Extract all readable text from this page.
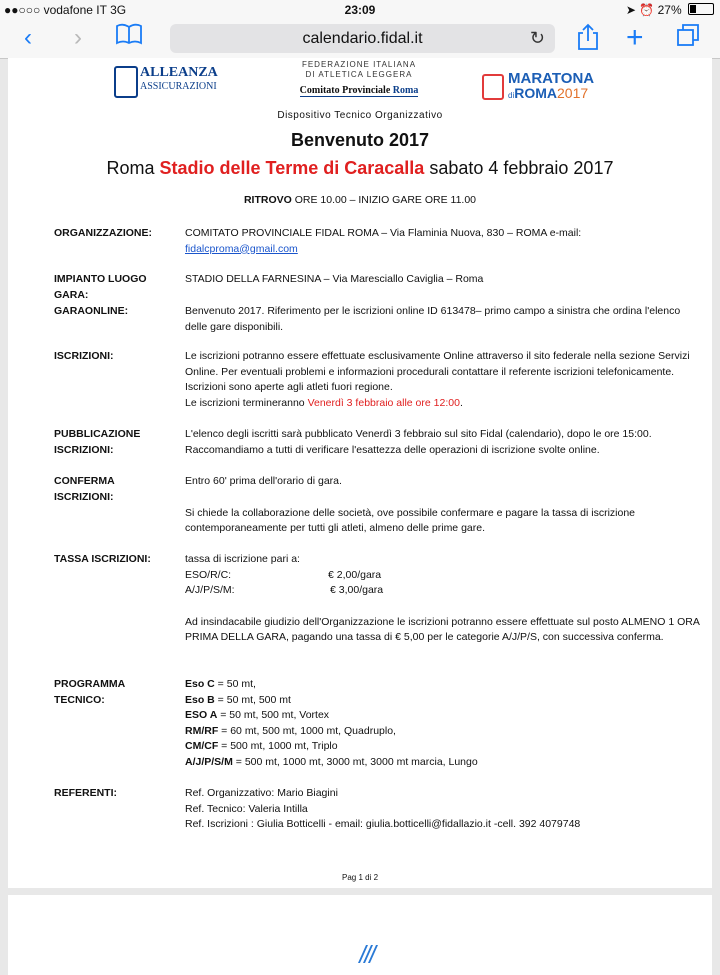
●●○○○ vodafone IT 3G	23:09	➤ ⏰ 27%
‹ ›	calendario.fidal.it	↻	+
ALLEANZA
ASSICURAZIONI
FEDERAZIONE ITALIANA
DI ATLETICA LEGGERA
Comitato Provinciale Roma
MARATONA
diROMA2017
Dispositivo Tecnico Organizzativo
Benvenuto 2017
Roma Stadio delle Terme di Caracalla sabato 4 febbraio 2017
RITROVO ORE 10.00 – INIZIO GARE ORE 11.00
ORGANIZZAZIONE:	COMITATO PROVINCIALE FIDAL ROMA – Via Flaminia Nuova, 830 – ROMA e-mail:
fidalcproma@gmail.com
IMPIANTO LUOGO
GARA:
STADIO DELLA FARNESINA – Via Maresciallo Caviglia – Roma
GARAONLINE:	Benvenuto 2017. Riferimento per le iscrizioni online ID 613478– primo campo a sinistra che ordina l'elenco delle gare disponibili.
ISCRIZIONI:	Le iscrizioni potranno essere effettuate esclusivamente Online attraverso il sito federale nella sezione Servizi Online. Per eventuali problemi e informazioni procedurali contattare il referente iscrizioni telefonicamente. Iscrizioni sono aperte agli atleti fuori regione.
Le iscrizioni termineranno Venerdì 3 febbraio alle ore 12:00.
PUBBLICAZIONE
ISCRIZIONI:
L'elenco degli iscritti sarà pubblicato Venerdì 3 febbraio sul sito Fidal (calendario), dopo le ore 15:00. Raccomandiamo a tutti di verificare l'esattezza delle operazioni di iscrizione svolte online.
CONFERMA
ISCRIZIONI:
Entro 60' prima dell'orario di gara.
Si chiede la collaborazione delle società, ove possibile confermare e pagare la tassa di iscrizione contemporaneamente per tutti gli atleti, almeno delle prime gare.
TASSA ISCRIZIONI:	tassa di iscrizione pari a:
ESO/R/C:	€ 2,00/gara
A/J/P/S/M:	€ 3,00/gara
Ad insindacabile giudizio dell'Organizzazione le iscrizioni potranno essere effettuate sul posto ALMENO 1 ORA PRIMA DELLA GARA, pagando una tassa di € 5,00 per le categorie A/J/P/S, con successiva conferma.
PROGRAMMA
TECNICO:
Eso C = 50 mt,
Eso B = 50 mt, 500 mt
ESO A = 50 mt, 500 mt, Vortex
RM/RF = 60 mt, 500 mt, 1000 mt, Quadruplo,
CM/CF = 500 mt, 1000 mt, Triplo
A/J/P/S/M = 500 mt, 1000 mt, 3000 mt, 3000 mt marcia, Lungo
REFERENTI:	Ref. Organizzativo: Mario Biagini
Ref. Tecnico: Valeria Intilla
Ref. Iscrizioni : Giulia Botticelli - email: giulia.botticelli@fidallazio.it -cell. 392 4079748
Pag 1 di 2
